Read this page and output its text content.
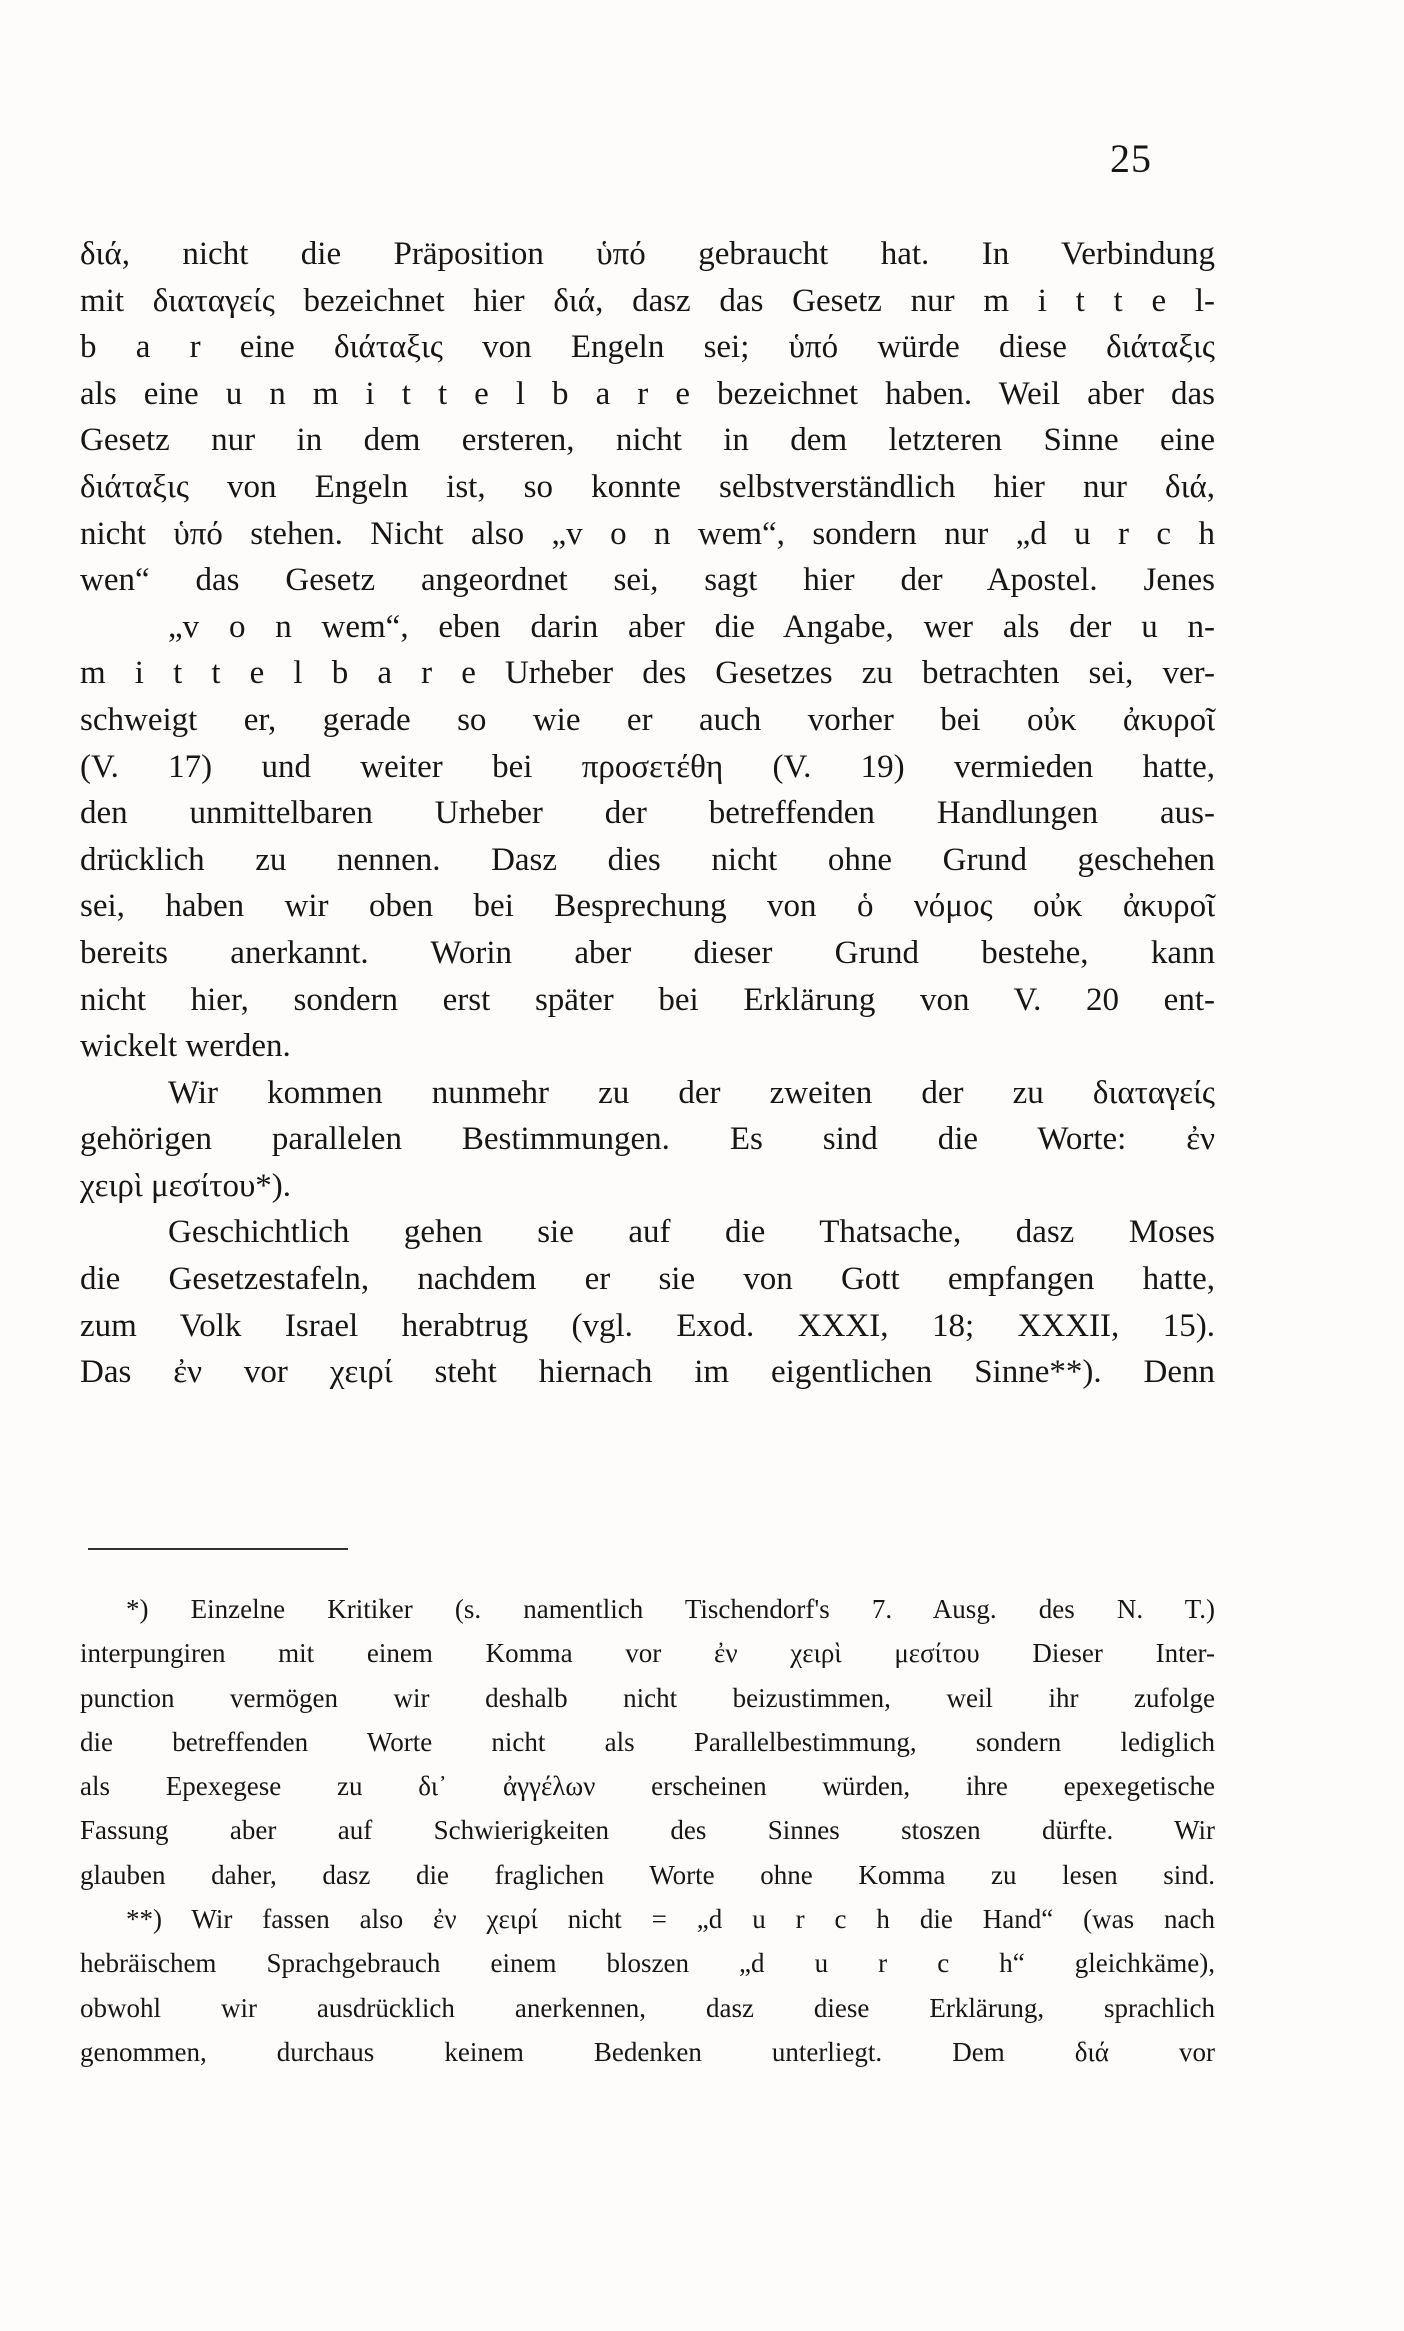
25
διά, nicht die Präposition ὑπό gebraucht hat. In Verbindung
mit διαταγείς bezeichnet hier διά, dasz das Gesetz nur m i t t e l-
b a r eine διάταξις von Engeln sei; ὑπό würde diese διάταξις
als eine u n m i t t e l b a r e bezeichnet haben. Weil aber das
Gesetz nur in dem ersteren, nicht in dem letzteren Sinne eine
διάταξις von Engeln ist, so konnte selbstverständlich hier nur διά,
nicht ὑπό stehen. Nicht also „v o n wem“, sondern nur „d u r c h
wen“ das Gesetz angeordnet sei, sagt hier der Apostel. Jenes
„v o n wem“, eben darin aber die Angabe, wer als der u n-
m i t t e l b a r e Urheber des Gesetzes zu betrachten sei, ver-
schweigt er, gerade so wie er auch vorher bei οὐκ ἀκυροῖ
(V. 17) und weiter bei προσετέθη (V. 19) vermieden hatte,
den unmittelbaren Urheber der betreffenden Handlungen aus-
drücklich zu nennen. Dasz dies nicht ohne Grund geschehen
sei, haben wir oben bei Besprechung von ὁ νόμος οὐκ ἀκυροῖ
bereits anerkannt. Worin aber dieser Grund bestehe, kann
nicht hier, sondern erst später bei Erklärung von V. 20 ent-
wickelt werden.
Wir kommen nunmehr zu der zweiten der zu διαταγείς
gehörigen parallelen Bestimmungen. Es sind die Worte: ἐν
χειρὶ μεσίτου*).
Geschichtlich gehen sie auf die Thatsache, dasz Moses
die Gesetzestafeln, nachdem er sie von Gott empfangen hatte,
zum Volk Israel herabtrug (vgl. Exod. XXXI, 18; XXXII, 15).
Das ἐν vor χειρί steht hiernach im eigentlichen Sinne**). Denn
*) Einzelne Kritiker (s. namentlich Tischendorf's 7. Ausg. des N. T.)
interpungiren mit einem Komma vor ἐν χειρὶ μεσίτου Dieser Inter-
punction vermögen wir deshalb nicht beizustimmen, weil ihr zufolge
die betreffenden Worte nicht als Parallelbestimmung, sondern lediglich
als Epexegese zu δι᾿ ἀγγέλων erscheinen würden, ihre epexegetische
Fassung aber auf Schwierigkeiten des Sinnes stoszen dürfte. Wir
glauben daher, dasz die fraglichen Worte ohne Komma zu lesen sind.
**) Wir fassen also ἐν χειρί nicht = „d u r c h die Hand“ (was nach
hebräischem Sprachgebrauch einem bloszen „d u r c h“ gleichkäme),
obwohl wir ausdrücklich anerkennen, dasz diese Erklärung, sprachlich
genommen, durchaus keinem Bedenken unterliegt. Dem διά vor
